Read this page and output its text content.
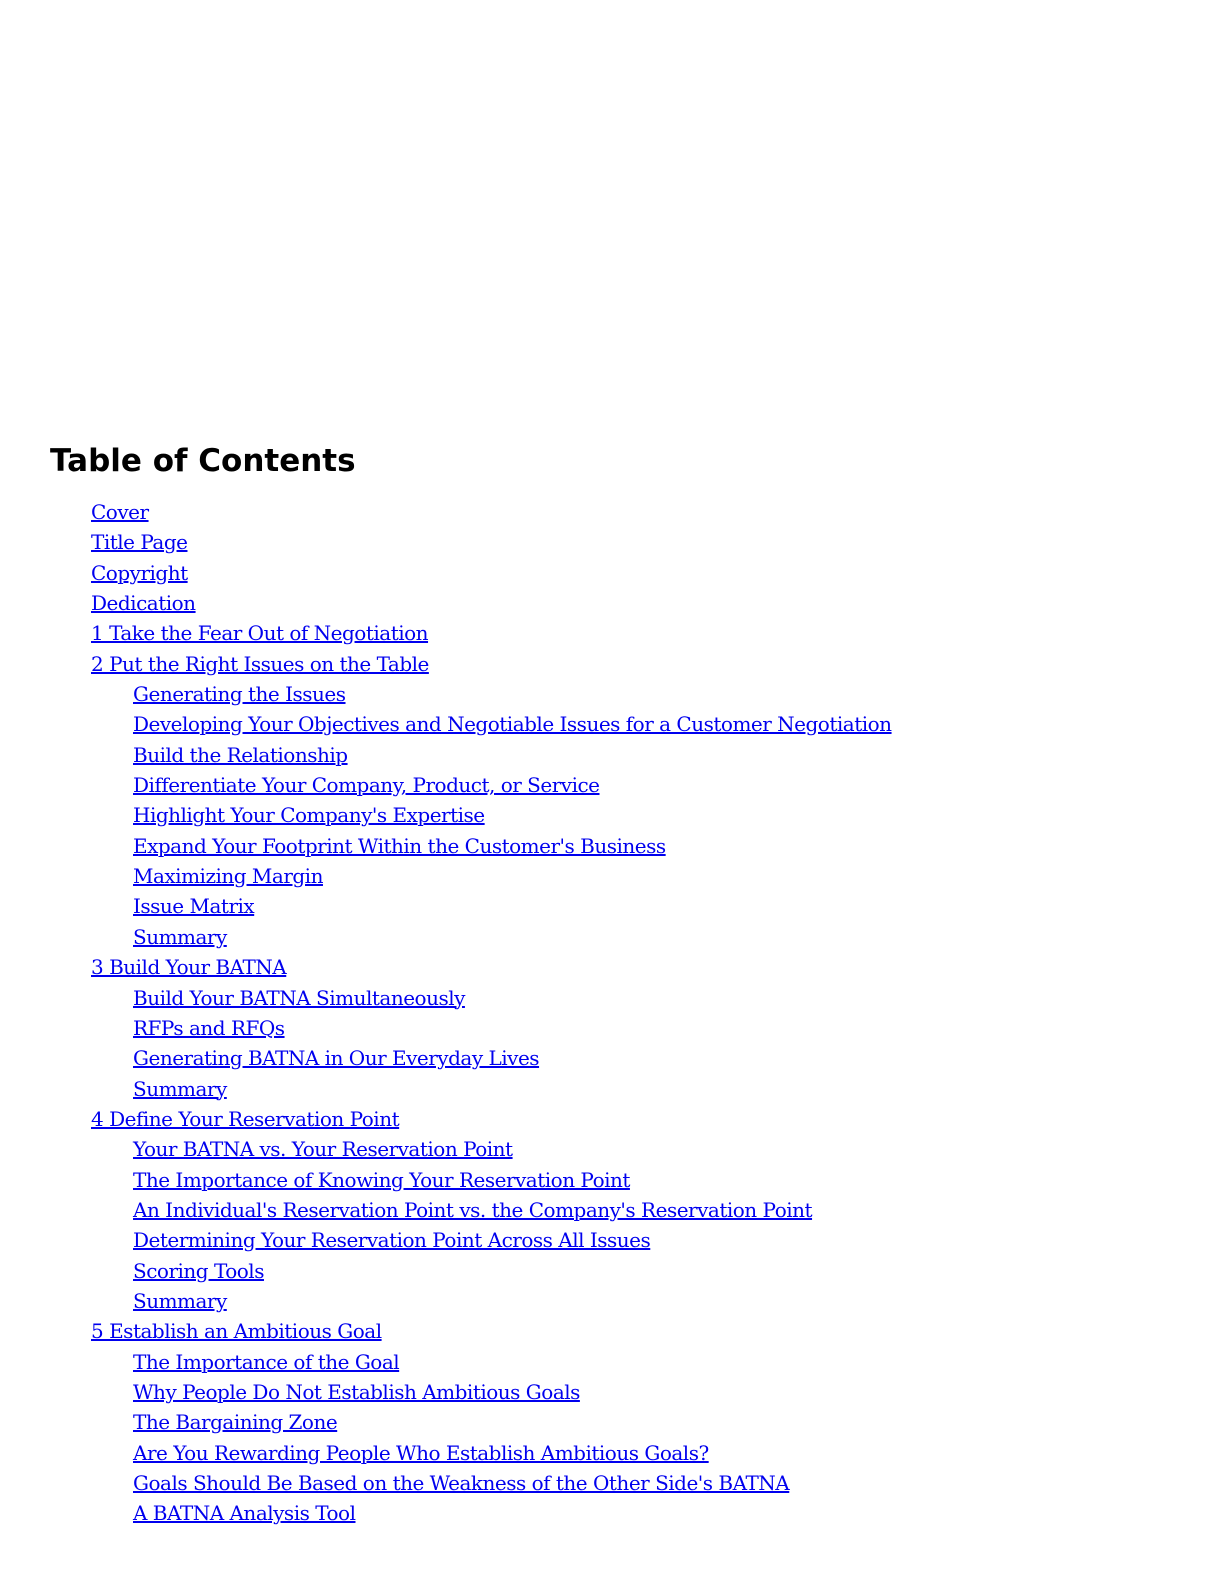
Table of Contents
Cover
Title Page
Copyright
Dedication
1 Take the Fear Out of Negotiation
2 Put the Right Issues on the Table
Generating the Issues
Developing Your Objectives and Negotiable Issues for a Customer Negotiation
Build the Relationship
Differentiate Your Company, Product, or Service
Highlight Your Company's Expertise
Expand Your Footprint Within the Customer's Business
Maximizing Margin
Issue Matrix
Summary
3 Build Your BATNA
Build Your BATNA Simultaneously
RFPs and RFQs
Generating BATNA in Our Everyday Lives
Summary
4 Define Your Reservation Point
Your BATNA vs. Your Reservation Point
The Importance of Knowing Your Reservation Point
An Individual's Reservation Point vs. the Company's Reservation Point
Determining Your Reservation Point Across All Issues
Scoring Tools
Summary
5 Establish an Ambitious Goal
The Importance of the Goal
Why People Do Not Establish Ambitious Goals
The Bargaining Zone
Are You Rewarding People Who Establish Ambitious Goals?
Goals Should Be Based on the Weakness of the Other Side's BATNA
A BATNA Analysis Tool
